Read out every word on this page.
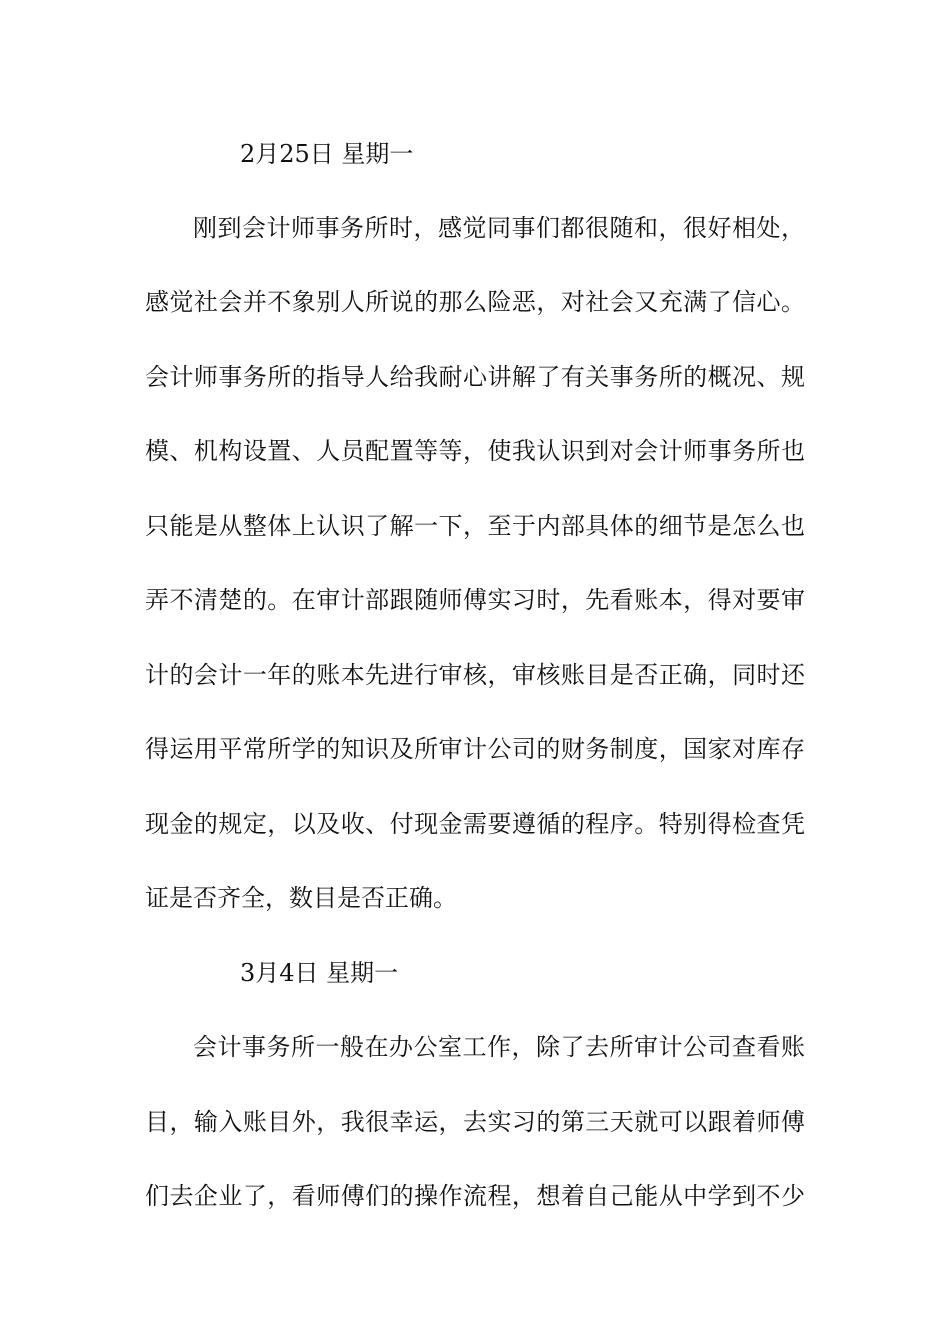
2月25日 星期一
刚到会计师事务所时，感觉同事们都很随和，很好相处，
感觉社会并不象别人所说的那么险恶，对社会又充满了信心。
会计师事务所的指导人给我耐心讲解了有关事务所的概况、规
模、机构设置、人员配置等等，使我认识到对会计师事务所也
只能是从整体上认识了解一下，至于内部具体的细节是怎么也
弄不清楚的。在审计部跟随师傅实习时，先看账本，得对要审
计的会计一年的账本先进行审核，审核账目是否正确，同时还
得运用平常所学的知识及所审计公司的财务制度，国家对库存
现金的规定，以及收、付现金需要遵循的程序。特别得检查凭
证是否齐全，数目是否正确。
3月4日 星期一
会计事务所一般在办公室工作，除了去所审计公司查看账
目，输入账目外，我很幸运，去实习的第三天就可以跟着师傅
们去企业了，看师傅们的操作流程，想着自己能从中学到不少
